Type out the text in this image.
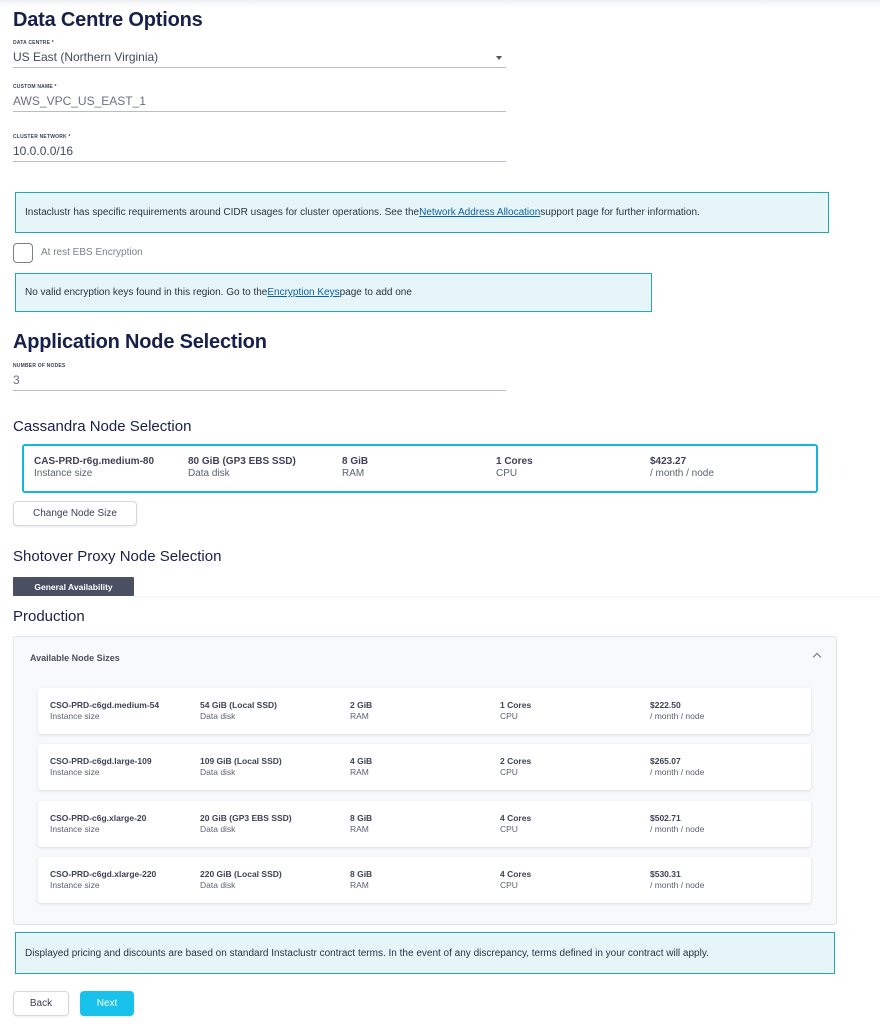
Data Centre Options
DATA CENTRE *
US East (Northern Virginia)
CUSTOM NAME *
AWS_VPC_US_EAST_1
CLUSTER NETWORK *
10.0.0.0/16
Instaclustr has specific requirements around CIDR usages for cluster operations. See the Network Address Allocation support page for further information.
At rest EBS Encryption
No valid encryption keys found in this region. Go to the Encryption Keys page to add one
Application Node Selection
NUMBER OF NODES
3
Cassandra Node Selection
CAS-PRD-r6g.medium-80
Instance size
80 GiB (GP3 EBS SSD)
Data disk
8 GiB
RAM
1 Cores
CPU
$423.27
/ month / node
Change Node Size
Shotover Proxy Node Selection
General Availability
Production
Available Node Sizes
CSO-PRD-c6gd.medium-54
Instance size
54 GiB (Local SSD)
Data disk
2 GiB
RAM
1 Cores
CPU
$222.50
/ month / node
CSO-PRD-c6gd.large-109
Instance size
109 GiB (Local SSD)
Data disk
4 GiB
RAM
2 Cores
CPU
$265.07
/ month / node
CSO-PRD-c6g.xlarge-20
Instance size
20 GiB (GP3 EBS SSD)
Data disk
8 GiB
RAM
4 Cores
CPU
$502.71
/ month / node
CSO-PRD-c6gd.xlarge-220
Instance size
220 GiB (Local SSD)
Data disk
8 GiB
RAM
4 Cores
CPU
$530.31
/ month / node
Displayed pricing and discounts are based on standard Instaclustr contract terms. In the event of any discrepancy, terms defined in your contract will apply.
Back	Next
